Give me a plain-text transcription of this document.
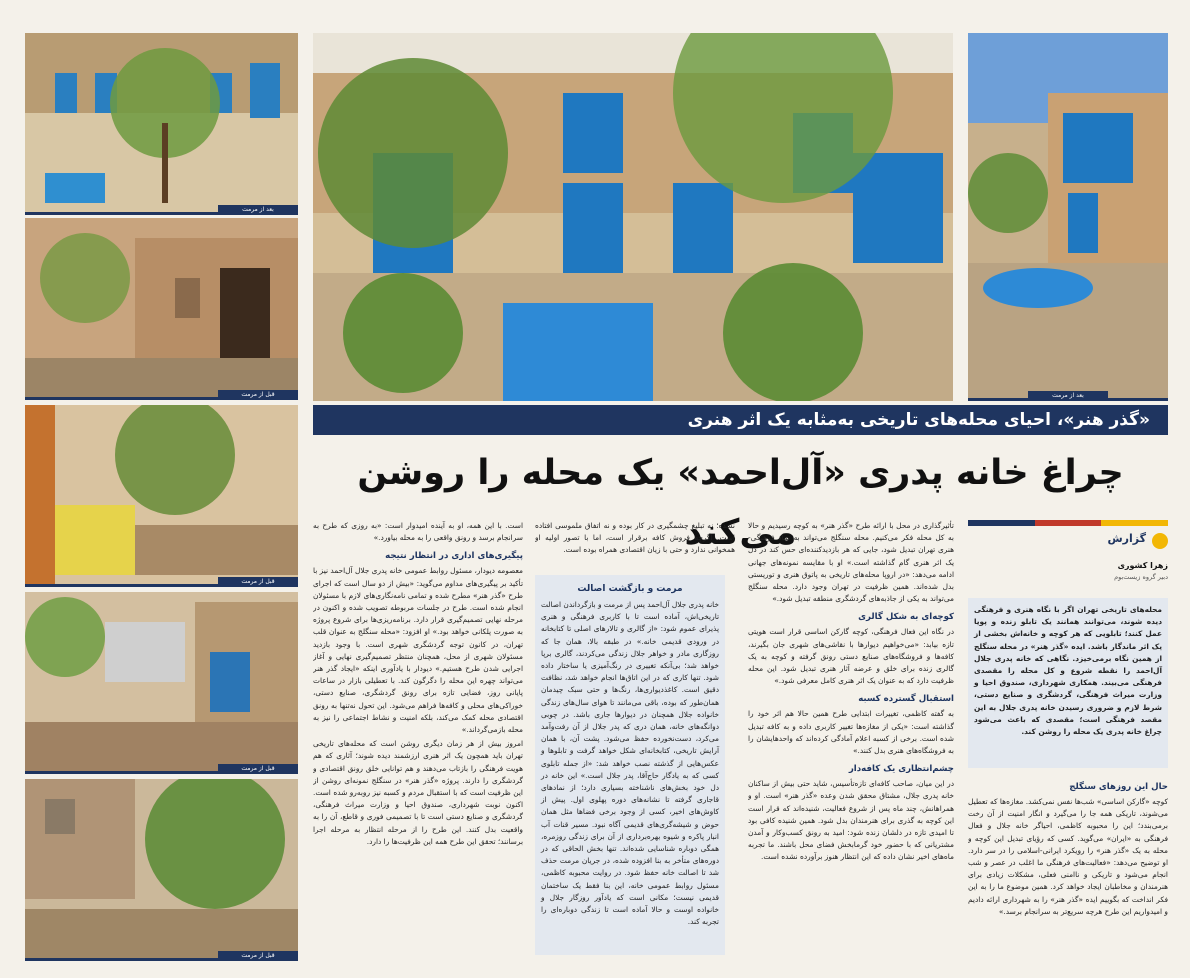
بعد از مرمت
قبل از مرمت
قبل از مرمت
قبل از مرمت
قبل از مرمت
بعد از مرمت
«گذر هنر»، احیای محله‌های تاریخی به‌مثابه یک اثر هنری
چراغ خانه پدری «آل‌احمد» یک محله را روشن می‌کند	گزارش
زهرا کشوری
دبیر گروه زیست‌بوم

محله‌های تاریخی تهران اگر با نگاه هنری و فرهنگی دیده شوند، می‌توانند همانند یک تابلو زنده و پویا عمل کنند؛ تابلویی که هر کوچه و خانه‌اش بخشی از یک اثر ماندگار باشد. ایده «گذر هنر» در محله سنگلج از همین نگاه برمی‌خیزد. نگاهی که خانه پدری جلال آل‌احمد را نقطه شروع و کل محله را مقصدی فرهنگی می‌بیند. همکاری شهرداری، صندوق احیا و وزارت میراث فرهنگی، گردشگری و صنایع دستی، شرط لازم و ضروری رسیدن خانه پدری جلال به این مقصد فرهنگی است؛ مقصدی که باعث می‌شود چراغ خانه پدری یک محله را روشن کند.

حال این روزهای سنگلج

کوچه «گارکن اساسی» شب‌ها نفس نمی‌کشد. مغازه‌ها که تعطیل می‌شوند، تاریکی همه جا را می‌گیرد و انگار امنیت از آن رخت برمی‌بندد؛ این را محبوبه کاظمی، احیاگر خانه جلال و فعال فرهنگی به «ایران» می‌گوید. کسی که رؤیای تبدیل این کوچه و محله به یک «گذر هنر» را رویکرد ایرانی-اسلامی را در سر دارد. او توضیح می‌دهد: «فعالیت‌های فرهنگی ما اغلب در عصر و شب انجام می‌شود و تاریکی و ناامنی فعلی، مشکلات زیادی برای هنرمندان و مخاطبان ایجاد خواهد کرد. همین موضوع ما را به این فکر انداخت که بگوییم ایده «گذر هنر» را به شهرداری ارائه دادیم و امیدواریم این طرح هرچه سریع‌تر به سرانجام برسد.»

تأثیرگذاری در محل با ارائه طرح «گذر هنر» به کوچه رسیدیم و حالا به کل محله فکر می‌کنیم. محله سنگلج می‌تواند به نماد فرهنگی-هنری تهران تبدیل شود، جایی که هر بازدیدکننده‌ای حس کند در دل یک اثر هنری گام گذاشته است.» او با مقایسه نمونه‌های جهانی ادامه می‌دهد: «در اروپا محله‌های تاریخی به پاتوق هنری و توریستی بدل شده‌اند. همین ظرفیت در تهران وجود دارد. محله سنگلج می‌تواند به یکی از جاذبه‌های گردشگری منطقه تبدیل شود.»

کوچه‌ای به شکل گالری

در نگاه این فعال فرهنگی، کوچه گارکن اساسی قرار است هویتی تازه بیابد: «می‌خواهیم دیوارها با نقاشی‌های شهری جان بگیرند، کافه‌ها و فروشگاه‌های صنایع دستی رونق گرفته و کوچه به یک گالری زنده برای خلق و عرضه آثار هنری تبدیل شود. این محله ظرفیت دارد که به عنوان یک اثر هنری کامل معرفی شود.»

استقبال گسترده کسبه

به گفته کاظمی، تغییرات ابتدایی طرح همین حالا هم اثر خود را گذاشته است: «یکی از مغازه‌ها تغییر کاربری داده و به کافه تبدیل شده است. برخی از کسبه اعلام آمادگی کرده‌اند که واحدهایشان را به فروشگاه‌های هنری بدل کنند.»

چشم‌انتظاری یک کافه‌دار

در این میان، صاحب کافه‌ای تازه‌تأسیس، شاید حتی بیش از ساکنان خانه پدری جلال، مشتاق محقق شدن وعده «گذر هنر» است. او و همراهانش، چند ماه پس از شروع فعالیت، شنیده‌اند که قرار است این کوچه به گذری برای هنرمندان بدل شود. همین شنیده کافی بود تا امیدی تازه در دلشان زنده شود: امید به رونق کسب‌وکار و آمدن مشتریانی که با حضور خود گرمابخش فضای محل باشند. ما تجربه ماه‌های اخیر نشان داده که این انتظار هنوز برآورده نشده است.

نشده؛ نه تبلیغ چشمگیری در کار بوده و نه اتفاق ملموسی افتاده است. اگرچه فروش کافه برقرار است، اما با تصور اولیه او همخوانی ندارد و حتی با زیان اقتصادی همراه بوده است.

مرمت و بازگشت اصالت

خانه پدری جلال آل‌احمد پس از مرمت و بازگرداندن اصالت تاریخی‌اش، آماده است تا با کاربری فرهنگی و هنری پذیرای عموم شود: «از گالری و تالارهای اصلی تا کتابخانه در ورودی قدیمی خانه.» در طبقه بالا، همان جا که روزگاری مادر و خواهر جلال زندگی می‌کردند، گالری برپا خواهد شد؛ بی‌آنکه تغییری در رنگ‌آمیزی یا ساختار داده شود. تنها کاری که در این اتاق‌ها انجام خواهد شد، نظافت دقیق است. کاغذدیواری‌ها، رنگ‌ها و حتی سبک چیدمان همان‌طور که بوده، باقی می‌مانند تا هوای سال‌های زندگی خانواده جلال همچنان در دیوارها جاری باشد. در چوبی دوانگه‌های خانه، همان دری که پدر جلال از آن رفت‌وآمد می‌کرد، دست‌نخورده حفظ می‌شود. پشت آن، با همان آرایش تاریخی، کتابخانه‌ای شکل خواهد گرفت و تابلوها و عکس‌هایی از گذشته نصب خواهد شد: «از جمله تابلوی کسی که به یادگار حاج‌آقا، پدر جلال است.» این خانه در دل خود بخش‌های ناشناخته بسیاری دارد؛ از نمادهای قاجاری گرفته تا نشانه‌های دوره پهلوی اول. پیش از کاوش‌های اخیر، کسی از وجود برخی فضاها مثل همان حوض و شیشه‌گری‌های قدیمی آگاه نبود. مسیر قنات آب انبار پاکره و شیوه بهره‌برداری از آن برای زندگی روزمره، همگی دوباره شناسایی شده‌اند. تنها بخش الحاقی که در دوره‌های متأخر به بنا افزوده شده، در جریان مرمت حذف شد تا اصالت خانه حفظ شود. در روایت محبوبه کاظمی، مسئول روابط عمومی خانه، این بنا فقط یک ساختمان قدیمی نیست؛ مکانی است که یادآور روزگار جلال و خانواده اوست و حالا آماده است تا زندگی دوباره‌ای را تجربه کند.

است. با این همه، او به آینده امیدوار است: «به روزی که طرح به سرانجام برسد و رونق واقعی را به محله بیاورد.»

پیگیری‌های اداری در انتظار نتیجه

معصومه دیودار، مسئول روابط عمومی خانه پدری جلال آل‌احمد نیز با تأکید بر پیگیری‌های مداوم می‌گوید: «بیش از دو سال است که اجرای طرح «گذر هنر» مطرح شده و تمامی نامه‌نگاری‌های لازم با مسئولان انجام شده است. طرح در جلسات مربوطه تصویب شده و اکنون در مرحله نهایی تصمیم‌گیری قرار دارد. برنامه‌ریزی‌ها برای شروع پروژه به صورت پلکانی خواهد بود.» او افزود: «محله سنگلج به عنوان قلب تهران، در کانون توجه گردشگری شهری است. با وجود بازدید مسئولان شهری از محل، همچنان منتظر تصمیم‌گیری نهایی و آغاز اجرایی شدن طرح هستیم.» دیودار با یادآوری اینکه «ایجاد گذر هنر می‌تواند چهره این محله را دگرگون کند. با تعطیلی بازار در ساعات پایانی روز، فضایی تازه برای رونق گردشگری، صنایع دستی، خوراکی‌های محلی و کافه‌ها فراهم می‌شود. این تحول نه‌تنها به رونق اقتصادی محله کمک می‌کند، بلکه امنیت و نشاط اجتماعی را نیز به محله بازمی‌گرداند.»

امروز بیش از هر زمان دیگری روشن است که محله‌های تاریخی تهران باید همچون یک اثر هنری ارزشمند دیده شوند؛ آثاری که هم هویت فرهنگی را بازتاب می‌دهند و هم توانایی خلق رونق اقتصادی و گردشگری را دارند. پروژه «گذر هنر» در سنگلج نمونه‌ای روشن از این ظرفیت است که با استقبال مردم و کسبه نیز روبه‌رو شده است. اکنون نوبت شهرداری، صندوق احیا و وزارت میراث فرهنگی، گردشگری و صنایع دستی است تا با تصمیمی فوری و قاطع، آن را به واقعیت بدل کنند. این طرح را از مرحله انتظار به مرحله اجرا برسانند؛ تحقق این طرح همه این ظرفیت‌ها را دارد.
